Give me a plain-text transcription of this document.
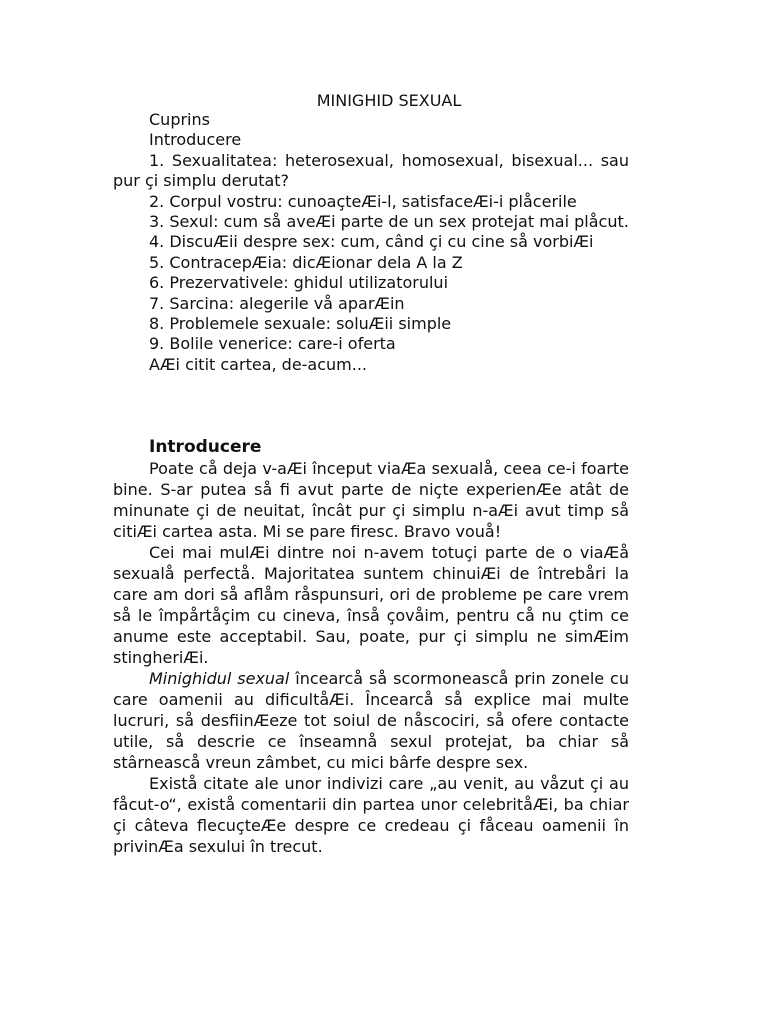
MINIGHID SEXUAL

Cuprins

Introducere

1. Sexualitatea: heterosexual, homosexual, bisexual... sau pur çi simplu derutat?

2. Corpul vostru: cunoaçteÆi-l, satisfaceÆi-i plåcerile

3. Sexul: cum så aveÆi parte de un sex protejat mai plåcut.

4. DiscuÆii despre sex: cum, când çi cu cine så vorbiÆi

5. ContracepÆia: dicÆionar dela A la Z

6. Prezervativele: ghidul utilizatorului

7. Sarcina: alegerile vå aparÆin

8. Problemele sexuale: soluÆii simple

9. Bolile venerice: care-i oferta

AÆi citit cartea, de-acum...

Introducere

Poate cå deja v-aÆi început viaÆa sexualå, ceea ce-i foarte bine. S-ar putea så fi avut parte de niçte experienÆe atât de minunate çi de neuitat, încât pur çi simplu n-aÆi avut timp så citiÆi cartea asta. Mi se pare firesc. Bravo vouå!

Cei mai mulÆi dintre noi n-avem totuçi parte de o viaÆå sexualå perfectå. Majoritatea suntem chinuiÆi de întrebåri la care am dori så aflåm råspunsuri, ori de probleme pe care vrem så le împårtåçim cu cineva, înså çovåim, pentru cå nu çtim ce anume este acceptabil. Sau, poate, pur çi simplu ne simÆim stingheriÆi.

Minighidul sexual încearcå så scormoneascå prin zonele cu care oamenii au dificultåÆi. Încearcå så explice mai multe lucruri, så desfiinÆeze tot soiul de nåscociri, så ofere contacte utile, så descrie ce înseamnå sexul protejat, ba chiar så stârneascå vreun zâmbet, cu mici bârfe despre sex.

Existå citate ale unor indivizi care „au venit, au våzut çi au fåcut-o“, existå comentarii din partea unor celebritåÆi, ba chiar çi câteva flecuçteÆe despre ce credeau çi fåceau oamenii în privinÆa sexului în trecut.
